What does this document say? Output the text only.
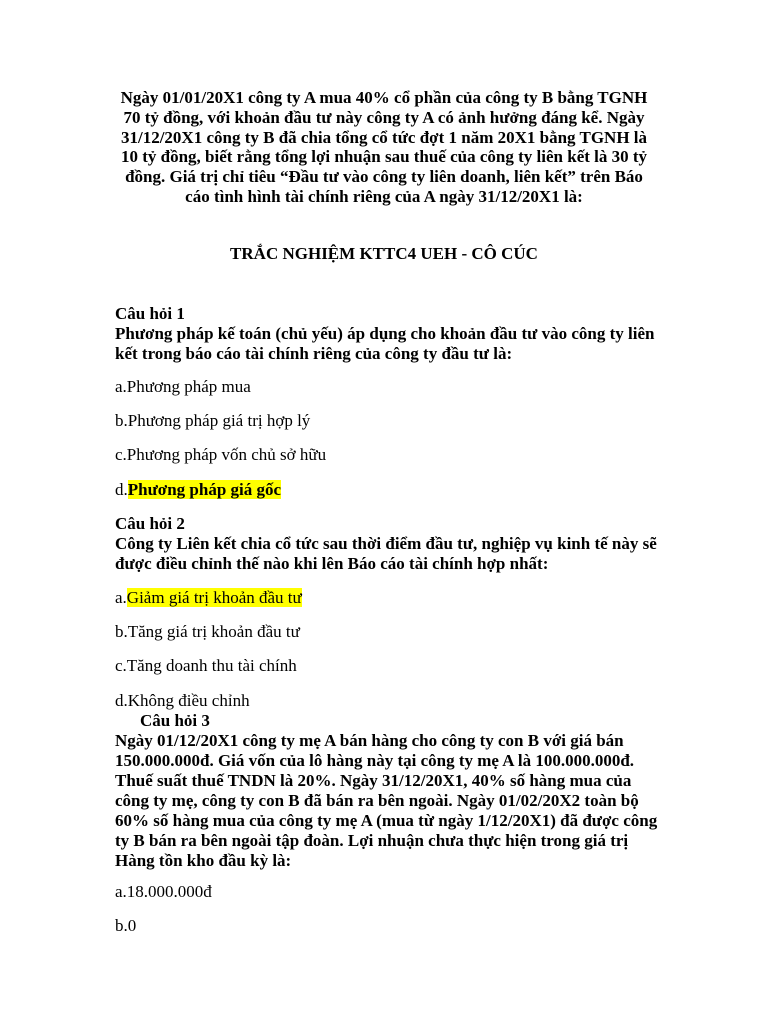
Ngày 01/01/20X1 công ty A mua 40% cổ phần của công ty B bằng TGNH 70 tỷ đồng, với khoản đầu tư này công ty A có ảnh hưởng đáng kể. Ngày 31/12/20X1 công ty B đã chia tổng cổ tức đợt 1 năm 20X1 bằng TGNH là 10 tỷ đồng, biết rằng tổng lợi nhuận sau thuế của công ty liên kết là 30 tỷ đồng. Giá trị chỉ tiêu “Đầu tư vào công ty liên doanh, liên kết” trên Báo cáo tình hình tài chính riêng của A ngày 31/12/20X1 là:
TRẮC NGHIỆM KTTC4 UEH - CÔ CÚC

Câu hỏi 1

Phương pháp kế toán (chủ yếu) áp dụng cho khoản đầu tư vào công ty liên kết trong báo cáo tài chính riêng của công ty đầu tư là:

a.Phương pháp mua
b.Phương pháp giá trị hợp lý
c.Phương pháp vốn chủ sở hữu
d.Phương pháp giá gốc

Câu hỏi 2

Công ty Liên kết chia cổ tức sau thời điểm đầu tư, nghiệp vụ kinh tế này sẽ được điều chỉnh thế nào khi lên Báo cáo tài chính hợp nhất:

a.Giảm giá trị khoản đầu tư
b.Tăng giá trị khoản đầu tư
c.Tăng doanh thu tài chính
d.Không điều chỉnh

Câu hỏi 3

Ngày 01/12/20X1 công ty mẹ A bán hàng cho công ty con B với giá bán 150.000.000đ. Giá vốn của lô hàng này tại công ty mẹ A là 100.000.000đ. Thuế suất thuế TNDN là 20%. Ngày 31/12/20X1, 40% số hàng mua của công ty mẹ, công ty con B đã bán ra bên ngoài. Ngày 01/02/20X2 toàn bộ 60% số hàng mua của công ty mẹ A (mua từ ngày 1/12/20X1) đã được công ty B bán ra bên ngoài tập đoàn. Lợi nhuận chưa thực hiện trong giá trị Hàng tồn kho đầu kỳ là:

a.18.000.000đ
b.0
